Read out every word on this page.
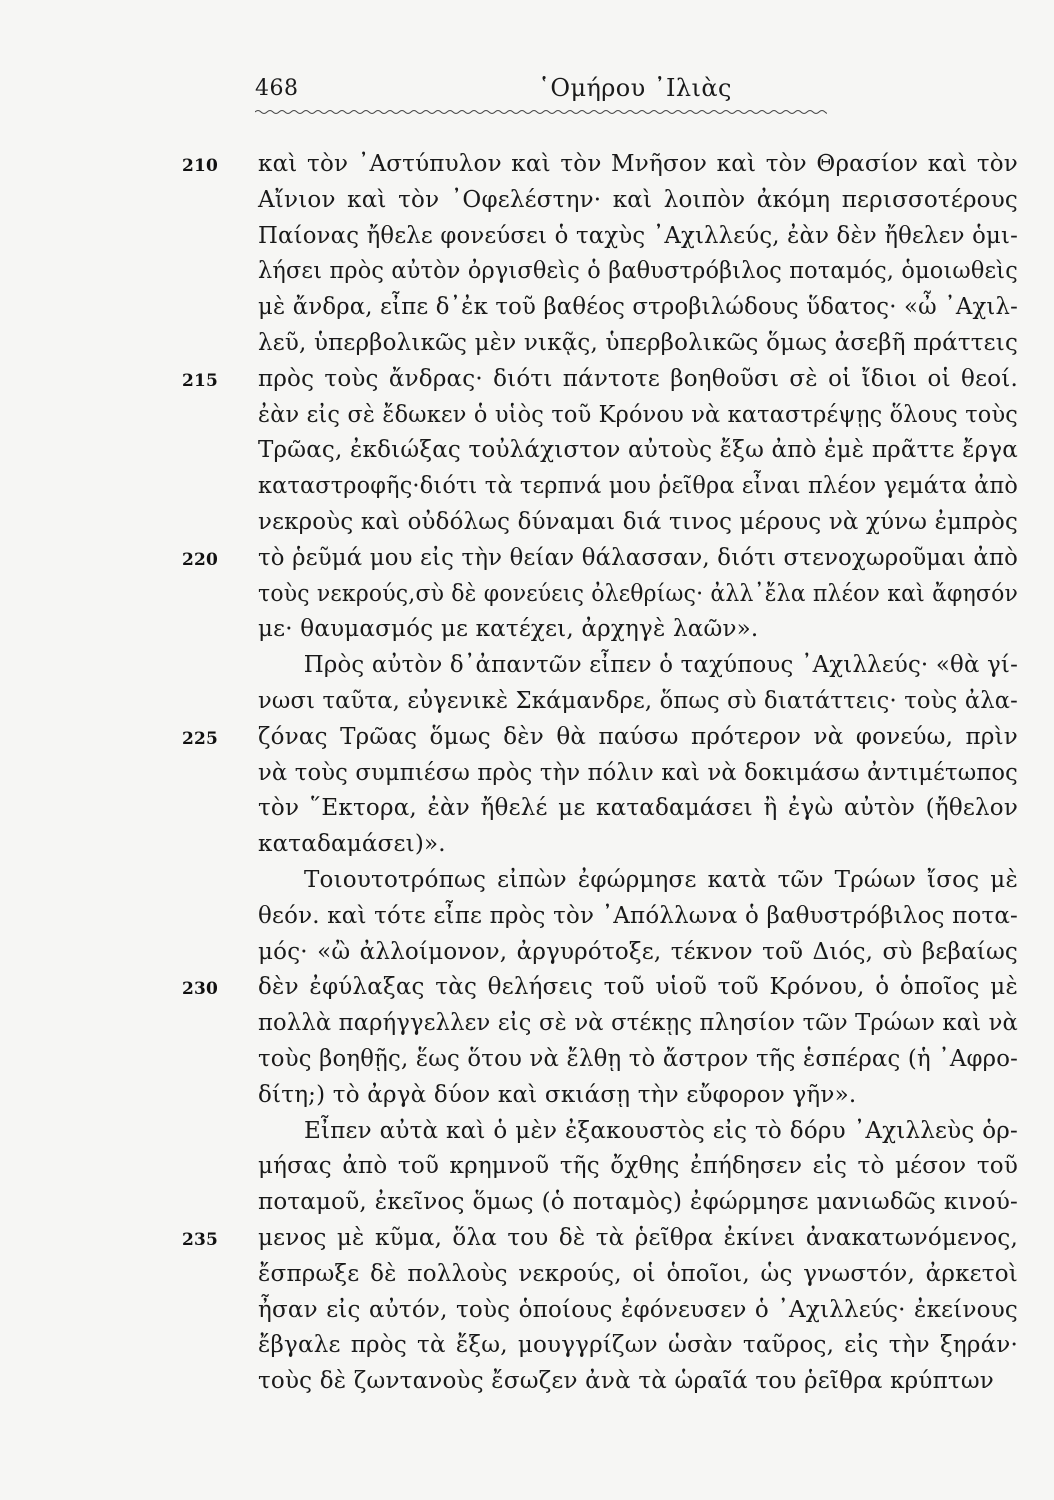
468	῾Ομήρου ᾿Ιλιὰς
210	καὶ τὸν ᾿Αστύπυλον καὶ τὸν Μνῆσον καὶ τὸν Θρασίον καὶ τὸν
Αἴνιον καὶ τὸν ᾿Οφελέστην· καὶ λοιπὸν ἀκόμη περισσοτέρους
Παίονας ἤθελε φονεύσει ὁ ταχὺς ᾿Αχιλλεύς, ἐὰν δὲν ἤθελεν ὁμι-
λήσει πρὸς αὐτὸν ὀργισθεὶς ὁ βαθυστρόβιλος ποταμός, ὁμοιωθεὶς
μὲ ἄνδρα, εἶπε δ᾿ἐκ τοῦ βαθέος στροβιλώδους ὕδατος· «ὦ ᾿Αχιλ-
λεῦ, ὑπερβολικῶς μὲν νικᾷς, ὑπερβολικῶς ὅμως ἀσεβῆ πράττεις
215	πρὸς τοὺς ἄνδρας· διότι πάντοτε βοηθοῦσι σὲ οἱ ἴδιοι οἱ θεοί.
ἐὰν εἰς σὲ ἔδωκεν ὁ υἱὸς τοῦ Κρόνου νὰ καταστρέψῃς ὅλους τοὺς
Τρῶας, ἐκδιώξας τοὐλάχιστον αὐτοὺς ἔξω ἀπὸ ἐμὲ πρᾶττε ἔργα
καταστροφῆς·διότι τὰ τερπνά μου ῥεῖθρα εἶναι πλέον γεμάτα ἀπὸ
νεκροὺς καὶ οὐδόλως δύναμαι διά τινος μέρους νὰ χύνω ἐμπρὸς
220	τὸ ῥεῦμά μου εἰς τὴν θείαν θάλασσαν, διότι στενοχωροῦμαι ἀπὸ
τοὺς νεκρούς,σὺ δὲ φονεύεις ὀλεθρίως· ἀλλ᾿ἔλα πλέον καὶ ἄφησόν
με· θαυμασμός με κατέχει, ἀρχηγὲ λαῶν».
Πρὸς αὐτὸν δ᾿ἀπαντῶν εἶπεν ὁ ταχύπους ᾿Αχιλλεύς· «θὰ γί-
νωσι ταῦτα, εὐγενικὲ Σκάμανδρε, ὅπως σὺ διατάττεις· τοὺς ἀλα-
225	ζόνας Τρῶας ὅμως δὲν θὰ παύσω πρότερον νὰ φονεύω, πρὶν
νὰ τοὺς συμπιέσω πρὸς τὴν πόλιν καὶ νὰ δοκιμάσω ἀντιμέτωπος
τὸν ῞Εκτορα, ἐὰν ἤθελέ με καταδαμάσει ἢ ἐγὼ αὐτὸν (ἤθελον
καταδαμάσει)».
Τοιουτοτρόπως εἰπὼν ἐφώρμησε κατὰ τῶν Τρώων ἴσος μὲ
θεόν. καὶ τότε εἶπε πρὸς τὸν ᾿Απόλλωνα ὁ βαθυστρόβιλος ποτα-
μός· «ὢ ἀλλοίμονον, ἀργυρότοξε, τέκνον τοῦ Διός, σὺ βεβαίως
230	δὲν ἐφύλαξας τὰς θελήσεις τοῦ υἱοῦ τοῦ Κρόνου, ὁ ὁποῖος μὲ
πολλὰ παρήγγελλεν εἰς σὲ νὰ στέκῃς πλησίον τῶν Τρώων καὶ νὰ
τοὺς βοηθῇς, ἕως ὅτου νὰ ἔλθῃ τὸ ἄστρον τῆς ἑσπέρας (ἡ ᾿Αφρο-
δίτη;) τὸ ἀργὰ δύον καὶ σκιάσῃ τὴν εὔφορον γῆν».
Εἶπεν αὐτὰ καὶ ὁ μὲν ἐξακουστὸς εἰς τὸ δόρυ ᾿Αχιλλεὺς ὁρ-
μήσας ἀπὸ τοῦ κρημνοῦ τῆς ὄχθης ἐπήδησεν εἰς τὸ μέσον τοῦ
ποταμοῦ, ἐκεῖνος ὅμως (ὁ ποταμὸς) ἐφώρμησε μανιωδῶς κινού-
235	μενος μὲ κῦμα, ὅλα του δὲ τὰ ῥεῖθρα ἐκίνει ἀνακατωνόμενος,
ἔσπρωξε δὲ πολλοὺς νεκρούς, οἱ ὁποῖοι, ὡς γνωστόν, ἀρκετοὶ
ἦσαν εἰς αὐτόν, τοὺς ὁποίους ἐφόνευσεν ὁ ᾿Αχιλλεύς· ἐκείνους
ἔβγαλε πρὸς τὰ ἔξω, μουγγρίζων ὡσὰν ταῦρος, εἰς τὴν ξηράν·
τοὺς δὲ ζωντανοὺς ἔσωζεν ἀνὰ τὰ ὡραῖά του ῥεῖθρα κρύπτων
